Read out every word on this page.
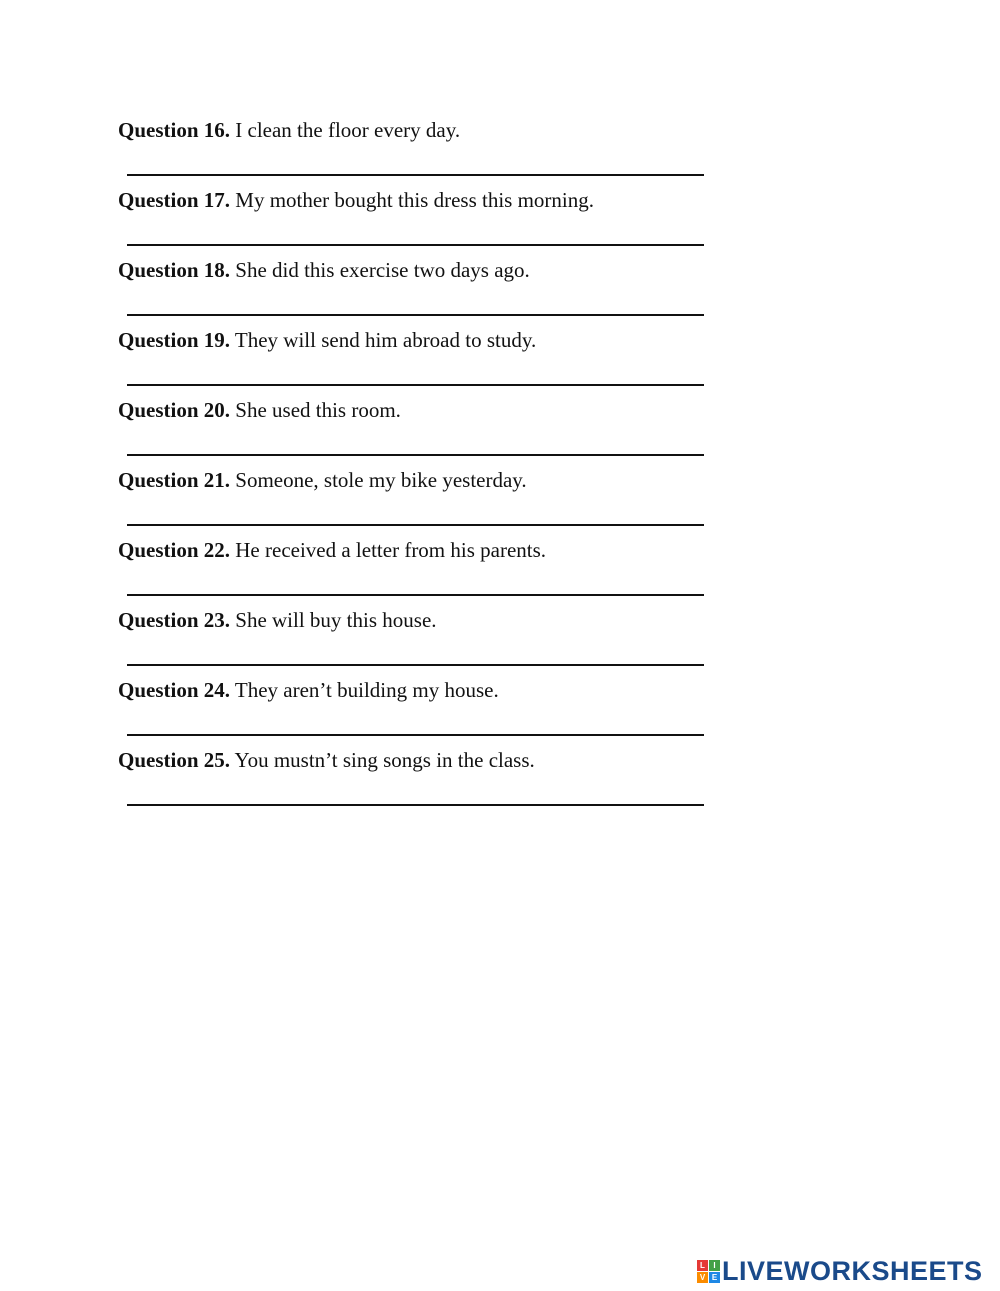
Question 16. I clean the floor every day.
Question 17. My mother bought this dress this morning.
Question 18. She did this exercise two days ago.
Question 19. They will send him abroad to study.
Question 20. She used this room.
Question 21. Someone, stole my bike yesterday.
Question 22. He received a letter from his parents.
Question 23. She will buy this house.
Question 24. They aren’t building my house.
Question 25. You mustn’t sing songs in the class.
L	I
V E LIVEWORKSHEETS
